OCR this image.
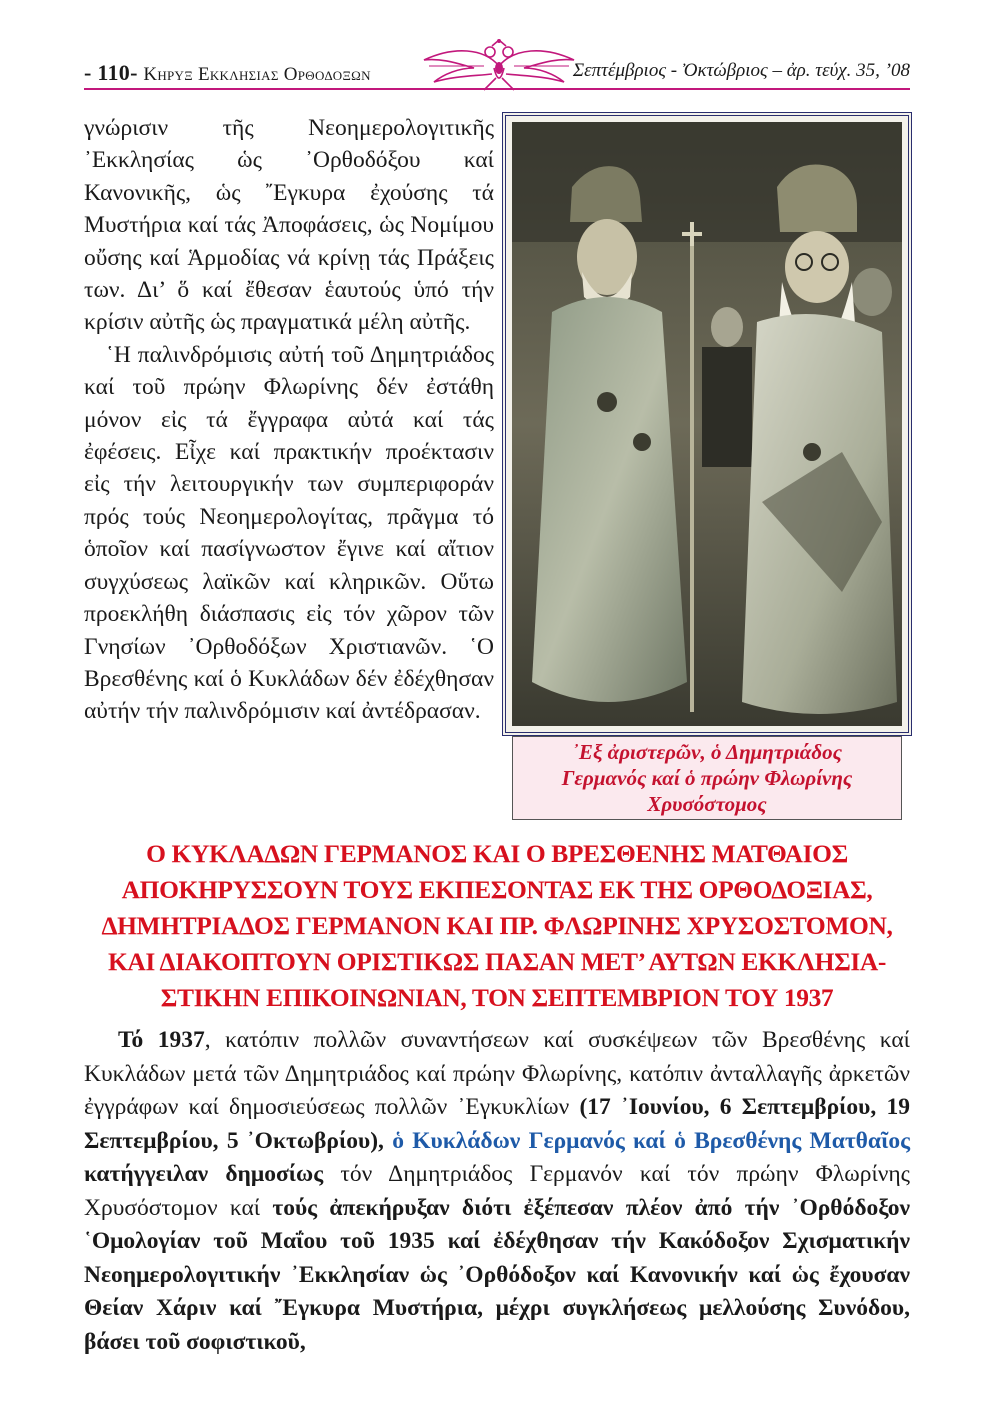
- 110- Κηρυξ Εκκλησιας Ορθοδοξων	Σεπτέμβριος - Ὀκτώβριος – ἀρ. τεύχ. 35, ’08

γνώρισιν τῆς Νεοημερολογιτικῆς ᾽Εκκλησίας ὡς ᾽Ορθοδόξου καί Κανονικῆς, ὡς ῎Εγκυρα ἐχούσης τά Μυστήρια καί τάς Ἀποφάσεις, ὡς Νομίμου οὔσης καί Ἁρμοδίας νά κρίνῃ τάς Πράξεις των. Δι’ ὅ καί ἔθεσαν ἑαυτούς ὑπό τήν κρίσιν αὐτῆς ὡς πραγματικά μέλη αὐτῆς.

῾Η παλινδρόμισις αὐτή τοῦ Δημητριάδος καί τοῦ πρώην Φλωρίνης δέν ἐστάθη μόνον εἰς τά ἔγγραφα αὐτά καί τάς ἐφέσεις. Εἶχε καί πρακτικήν προέκτασιν εἰς τήν λειτουργικήν των συμπεριφοράν πρός τούς Νεοημερολογίτας, πρᾶγμα τό ὁποῖον καί πασίγνωστον ἔγινε καί αἴτιον συγχύσεως λαϊκῶν καί κληρικῶν. Οὕτω προεκλήθη διάσπασις εἰς τόν χῶρον τῶν Γνησίων ᾽Ορθοδόξων Χριστιανῶν. ῾Ο Βρεσθένης καί ὁ Κυκλάδων δέν ἐδέχθησαν αὐτήν τήν παλινδρόμισιν καί ἀντέδρασαν.

᾽Εξ ἀριστερῶν, ὁ Δημητριάδος
Γερμανός καί ὁ πρώην Φλωρίνης
Χρυσόστομος
Ο ΚΥΚΛΑΔΩΝ ΓΕΡΜΑΝΟΣ ΚΑΙ Ο ΒΡΕΣΘΕΝΗΣ ΜΑΤΘΑΙΟΣ
ΑΠΟΚΗΡΥΣΣΟΥΝ ΤΟΥΣ ΕΚΠΕΣΟΝΤΑΣ ΕΚ ΤΗΣ ΟΡΘΟΔΟΞΙΑΣ,
ΔΗΜΗΤΡΙΑΔΟΣ ΓΕΡΜΑΝΟΝ ΚΑΙ ΠΡ. ΦΛΩΡΙΝΗΣ ΧΡΥΣΟΣΤΟΜΟΝ,
ΚΑΙ ΔΙΑΚΟΠΤΟΥΝ ΟΡΙΣΤΙΚΩΣ ΠΑΣΑΝ ΜΕΤ’ ΑΥΤΩΝ ΕΚΚΛΗΣΙΑ-
ΣΤΙΚΗΝ ΕΠΙΚΟΙΝΩΝΙΑΝ, ΤΟΝ ΣΕΠΤΕΜΒΡΙΟΝ ΤΟΥ 1937

Τό 1937, κατόπιν πολλῶν συναντήσεων καί συσκέψεων τῶν Βρεσθένης καί Κυκλάδων μετά τῶν Δημητριάδος καί πρώην Φλωρίνης, κατόπιν ἀνταλλαγῆς ἀρκετῶν ἐγγράφων καί δημοσιεύσεως πολλῶν ᾽Εγκυκλίων (17 ᾽Ιουνίου, 6 Σεπτεμβρίου, 19 Σεπτεμβρίου, 5 ᾽Οκτωβρίου), ὁ Κυκλάδων Γερμανός καί ὁ Βρεσθένης Ματθαῖος κατήγγειλαν δημοσίως τόν Δημητριάδος Γερμανόν καί τόν πρώην Φλωρίνης Χρυσόστομον καί τούς ἀπεκήρυξαν διότι ἐξέπεσαν πλέον ἀπό τήν ᾽Ορθόδοξον ῾Ομολογίαν τοῦ Μαΐου τοῦ 1935 καί ἐδέχθησαν τήν Κακόδοξον Σχισματικήν Νεοημερολογιτικήν ᾽Εκκλησίαν ὡς ᾽Ορθόδοξον καί Κανονικήν καί ὡς ἔχουσαν Θείαν Χάριν καί ῎Εγκυρα Μυστήρια, μέχρι συγκλήσεως μελλούσης Συνόδου, βάσει τοῦ σοφιστικοῦ,
